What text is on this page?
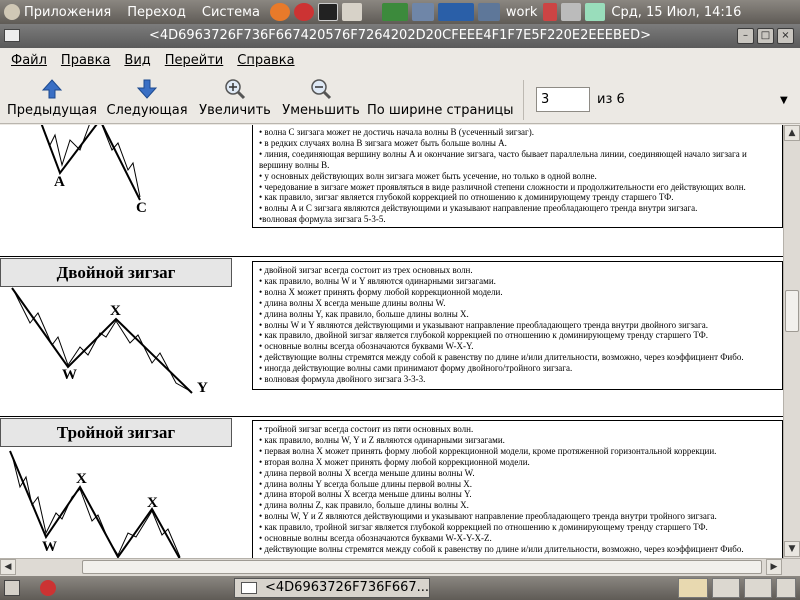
Приложения	Переход	Система	work	Срд, 15 Июл, 14:16
<4D6963726F736F667420576F7264202D20CFEEE4F1F7E5F220E2EEEBED>	–	□	×
Файл	Правка	Вид	Перейти	Справка
Предыдущая Следующая Увеличить Уменьшить По ширине страницы
▼
3
из 6
A
C
• волна C зигзага может не достичь начала волны B (усеченный зигзаг).
• в редких случаях волна B зигзага может быть больше волны A.
• линия, соединяющая вершину волны A и окончание зигзага, часто бывает параллельна линии, соединяющей начало зигзага и
вершину волны B.
• у основных действующих волн зигзага может быть усечение, но только в одной волне.
• чередование в зигзаге может проявляться в виде различной степени сложности и продолжительности его действующих волн.
• как правило, зигзаг является глубокой коррекцией по отношению к доминирующему тренду старшего ТФ.
• волны A и C зигзага являются действующими и указывают направление преобладающего тренда внутри зигзага.
•волновая формула зигзага 5-3-5.
Двойной зигзаг
X
W
Y
• двойной зигзаг всегда состоит из трех основных волн.
• как правило, волны W и Y являются одинарными зигзагами.
• волна X может принять форму любой коррекционной модели.
• длина волны X всегда меньше длины волны W.
• длина волны Y, как правило, больше длины волны X.
• волны W и Y являются действующими и указывают направление преобладающего тренда внутри двойного зигзага.
• как правило, двойной зигзаг является глубокой коррекцией по отношению к доминирующему тренду старшего ТФ.
• основные волны всегда обозначаются буквами W-X-Y.
• действующие волны стремятся между собой к равенству по длине и/или длительности, возможно, через коэффициент Фибо.
• иногда действующие волны сами принимают форму двойного/тройного зигзага.
• волновая формула двойного зигзага 3-3-3.
Тройной зигзаг
X
X
W
• тройной зигзаг всегда состоит из пяти основных волн.
• как правило, волны W, Y и Z являются одинарными зигзагами.
• первая волна X может принять форму любой коррекционной модели, кроме протяженной горизонтальной коррекции.
• вторая волна X может принять форму любой коррекционной модели.
• длина первой волны X всегда меньше длины волны W.
• длина волны Y всегда больше длины первой волны X.
• длина второй волны X всегда меньше длины волны Y.
• длина волны Z, как правило, больше длины волны X.
• волны W, Y и Z являются действующими и указывают направление преобладающего тренда внутри тройного зигзага.
• как правило, тройной зигзаг является глубокой коррекцией по отношению к доминирующему тренду старшего ТФ.
• основные волны всегда обозначаются буквами W-X-Y-X-Z.
• действующие волны стремятся между собой к равенству по длине и/или длительности, возможно, через коэффициент Фибо.
▲
▼
◀	▶
<4D6963726F736F667...
